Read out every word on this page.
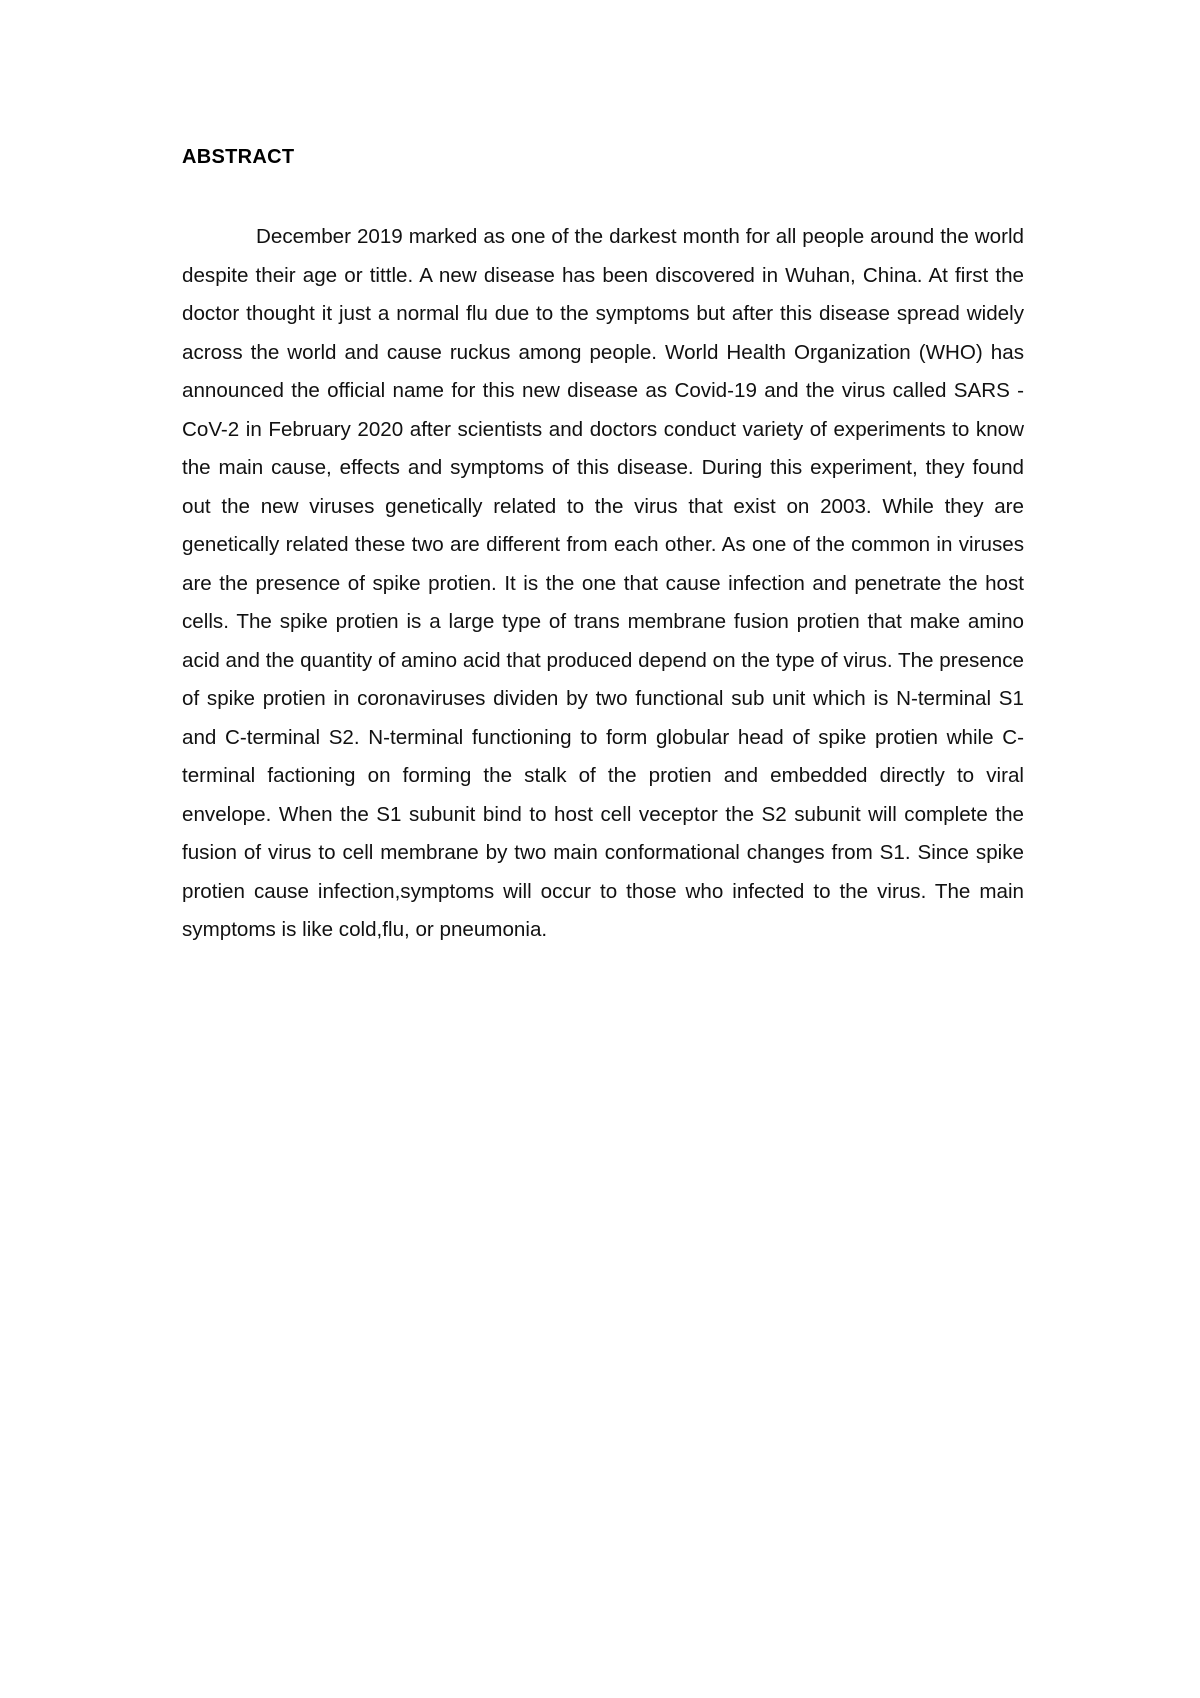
ABSTRACT

December 2019 marked as one of the darkest month for all people around the world despite their age or tittle. A new disease has been discovered in Wuhan, China. At first the doctor thought it just a normal flu due to the symptoms but after this disease spread widely across the world and cause ruckus among people. World Health Organization (WHO) has announced the official name for this new disease as Covid-19 and the virus called SARS - CoV-2 in February 2020 after scientists and doctors conduct variety of experiments to know the main cause, effects and symptoms of this disease. During this experiment, they found out the new viruses genetically related to the virus that exist on 2003. While they are genetically related these two are different from each other. As one of the common in viruses are the presence of spike protien. It is the one that cause infection and penetrate the host cells. The spike protien is a large type of trans membrane fusion protien that make amino acid and the quantity of amino acid that produced depend on the type of virus. The presence of spike protien in coronaviruses dividen by two functional sub unit which is N-terminal S1 and C-terminal S2. N-terminal functioning to form globular head of spike protien while C- terminal factioning on forming the stalk of the protien and embedded directly to viral envelope. When the S1 subunit bind to host cell veceptor the S2 subunit will complete the fusion of virus to cell membrane by two main conformational changes from S1. Since spike protien cause infection,symptoms will occur to those who infected to the virus. The main symptoms is like cold,flu, or pneumonia.
